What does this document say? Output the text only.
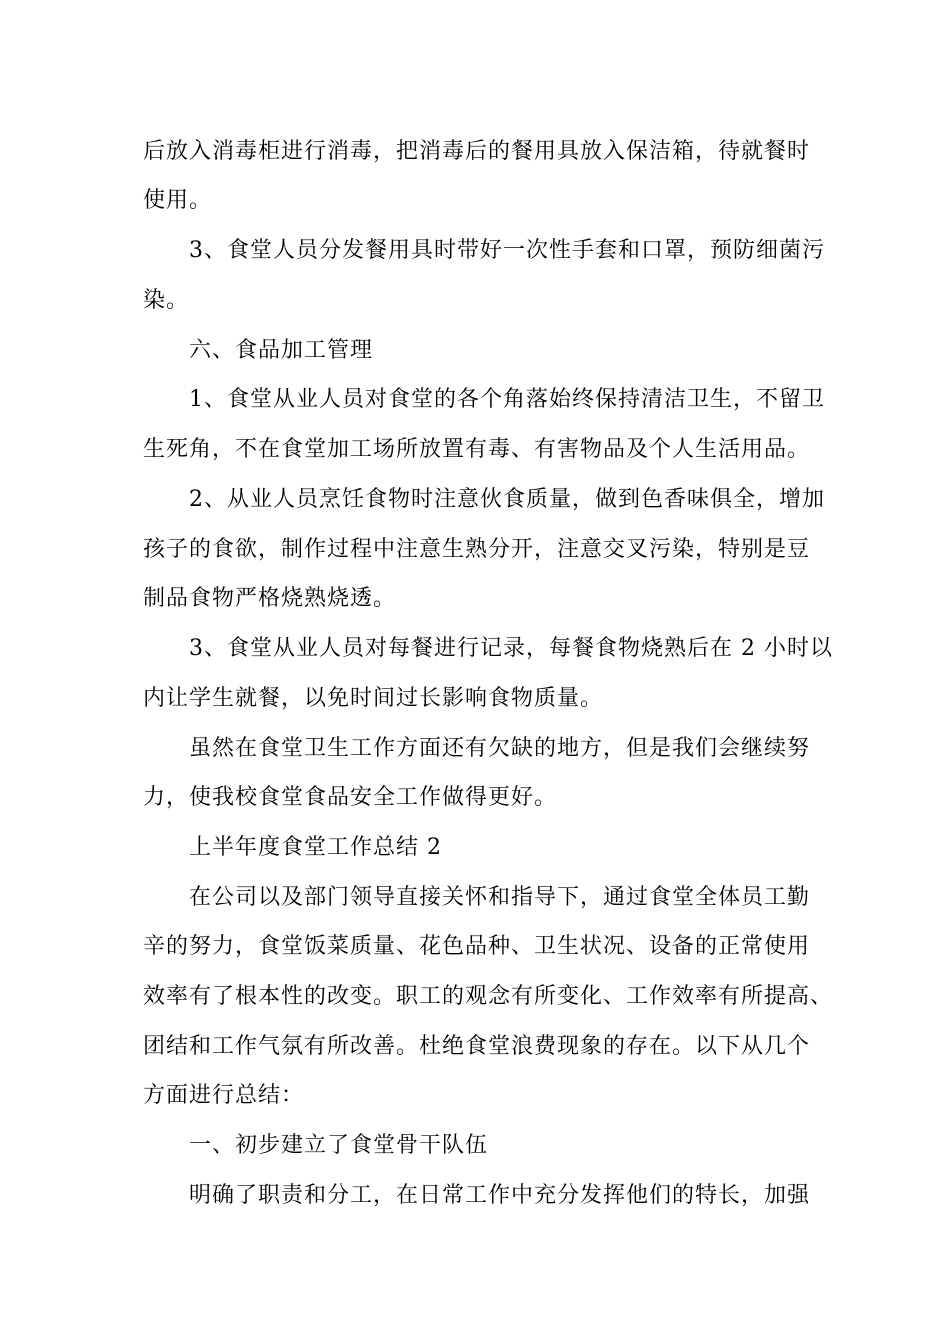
后放入消毒柜进行消毒，把消毒后的餐用具放入保洁箱，待就餐时
使用。
3、食堂人员分发餐用具时带好一次性手套和口罩，预防细菌污
染。
六、食品加工管理
1、食堂从业人员对食堂的各个角落始终保持清洁卫生，不留卫
生死角，不在食堂加工场所放置有毒、有害物品及个人生活用品。
2、从业人员烹饪食物时注意伙食质量，做到色香味俱全，增加
孩子的食欲，制作过程中注意生熟分开，注意交叉污染，特别是豆
制品食物严格烧熟烧透。
3、食堂从业人员对每餐进行记录，每餐食物烧熟后在 2 小时以
内让学生就餐，以免时间过长影响食物质量。
虽然在食堂卫生工作方面还有欠缺的地方，但是我们会继续努
力，使我校食堂食品安全工作做得更好。
上半年度食堂工作总结 2
在公司以及部门领导直接关怀和指导下，通过食堂全体员工勤
辛的努力，食堂饭菜质量、花色品种、卫生状况、设备的正常使用
效率有了根本性的改变。职工的观念有所变化、工作效率有所提高、
团结和工作气氛有所改善。杜绝食堂浪费现象的存在。以下从几个
方面进行总结：
一、初步建立了食堂骨干队伍
明确了职责和分工，在日常工作中充分发挥他们的特长，加强
